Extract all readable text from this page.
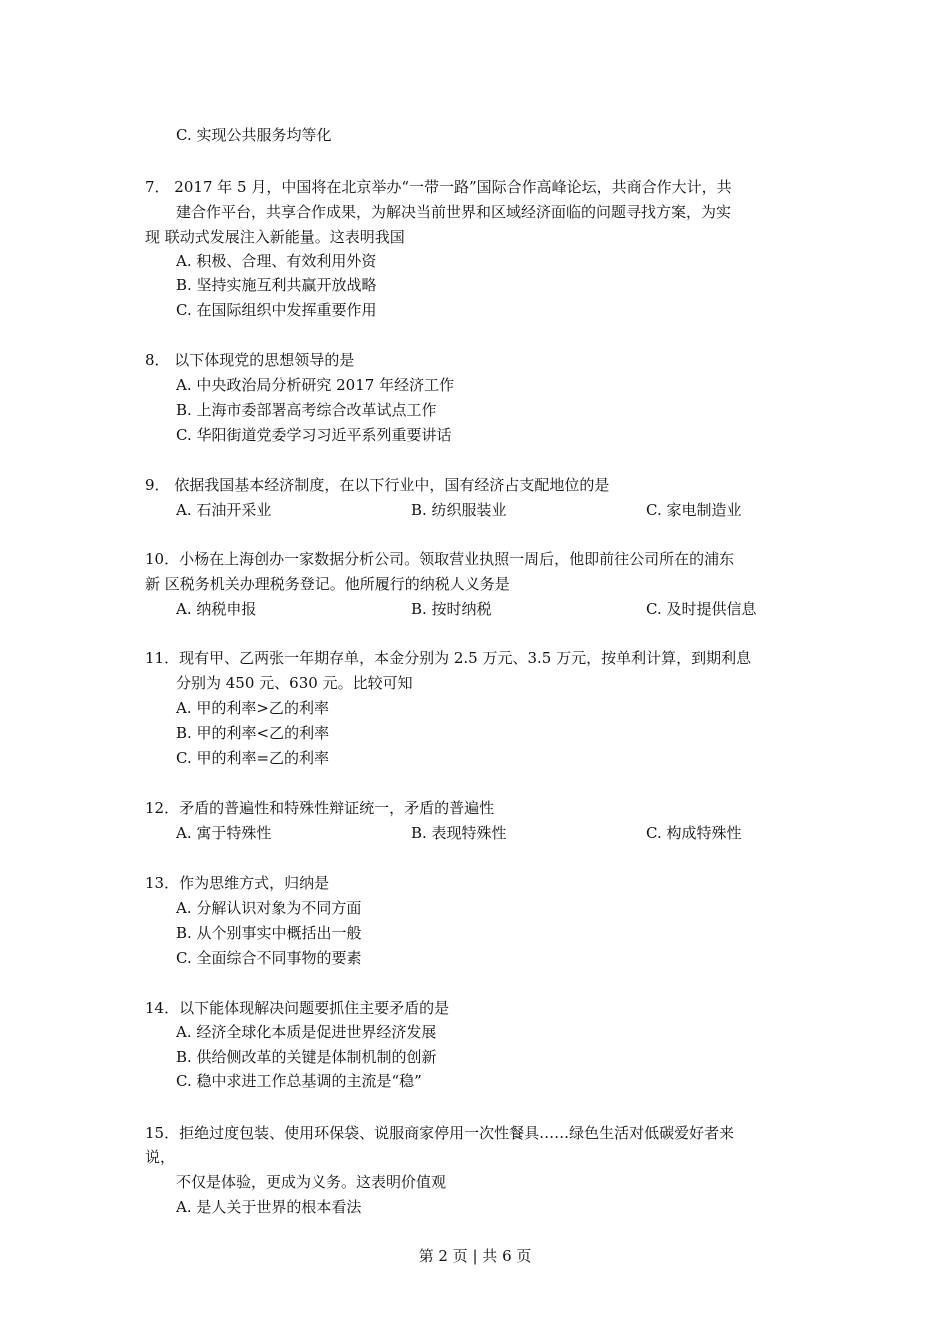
C. 实现公共服务均等化
7． 2017 年 5 月，中国将在北京举办“一带一路”国际合作高峰论坛，共商合作大计，共
建合作平台，共享合作成果，为解决当前世界和区域经济面临的问题寻找方案，为实
现 联动式发展注入新能量。这表明我国
A. 积极、合理、有效利用外资
B. 坚持实施互利共赢开放战略
C. 在国际组织中发挥重要作用
8． 以下体现党的思想领导的是
A. 中央政治局分析研究 2017 年经济工作
B. 上海市委部署高考综合改革试点工作
C. 华阳街道党委学习习近平系列重要讲话
9． 依据我国基本经济制度，在以下行业中，国有经济占支配地位的是
A. 石油开采业	B. 纺织服装业	C. 家电制造业
10．小杨在上海创办一家数据分析公司。领取营业执照一周后，他即前往公司所在的浦东
新 区税务机关办理税务登记。他所履行的纳税人义务是
A. 纳税申报	B. 按时纳税	C. 及时提供信息
11．现有甲、乙两张一年期存单，本金分别为 2.5 万元、3.5 万元，按单利计算，到期利息
分别为 450 元、630 元。比较可知
A. 甲的利率>乙的利率
B. 甲的利率<乙的利率
C. 甲的利率=乙的利率
12．矛盾的普遍性和特殊性辩证统一，矛盾的普遍性
A. 寓于特殊性	B. 表现特殊性	C. 构成特殊性
13．作为思维方式，归纳是
A. 分解认识对象为不同方面
B. 从个别事实中概括出一般
C. 全面综合不同事物的要素
14．以下能体现解决问题要抓住主要矛盾的是
A. 经济全球化本质是促进世界经济发展
B. 供给侧改革的关键是体制机制的创新
C. 稳中求进工作总基调的主流是“稳”
15．拒绝过度包装、使用环保袋、说服商家停用一次性餐具……绿色生活对低碳爱好者来
说，
不仅是体验，更成为义务。这表明价值观
A. 是人关于世界的根本看法
第 2 页 | 共 6 页
